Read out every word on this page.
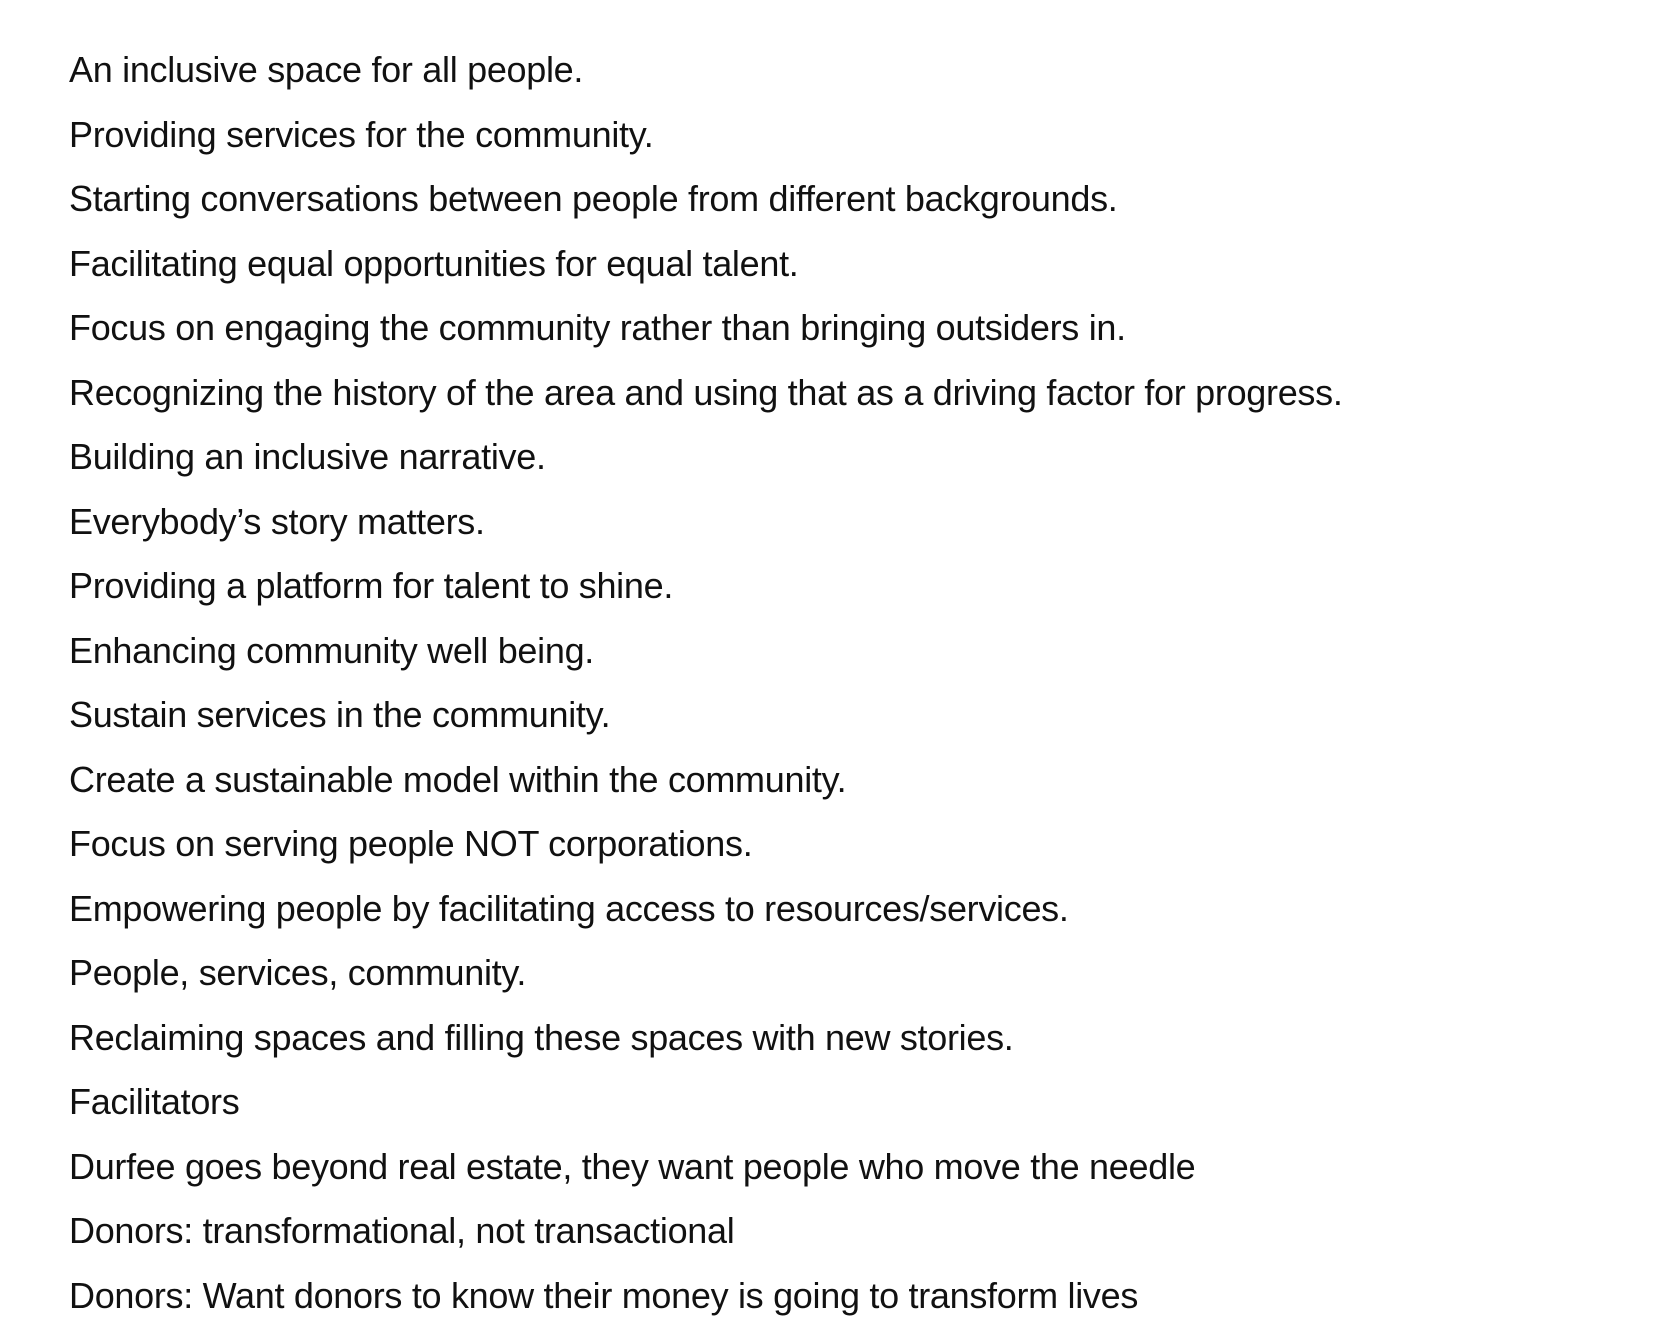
An inclusive space for all people.
Providing services for the community.
Starting conversations between people from different backgrounds.
Facilitating equal opportunities for equal talent.
Focus on engaging the community rather than bringing outsiders in.
Recognizing the history of the area and using that as a driving factor for progress.
Building an inclusive narrative.
Everybody’s story matters.
Providing a platform for talent to shine.
Enhancing community well being.
Sustain services in the community.
Create a sustainable model within the community.
Focus on serving people NOT corporations.
Empowering people by facilitating access to resources/services.
People, services, community.
Reclaiming spaces and filling these spaces with new stories.
Facilitators
Durfee goes beyond real estate, they want people who move the needle
Donors: transformational, not transactional
Donors: Want donors to know their money is going to transform lives
